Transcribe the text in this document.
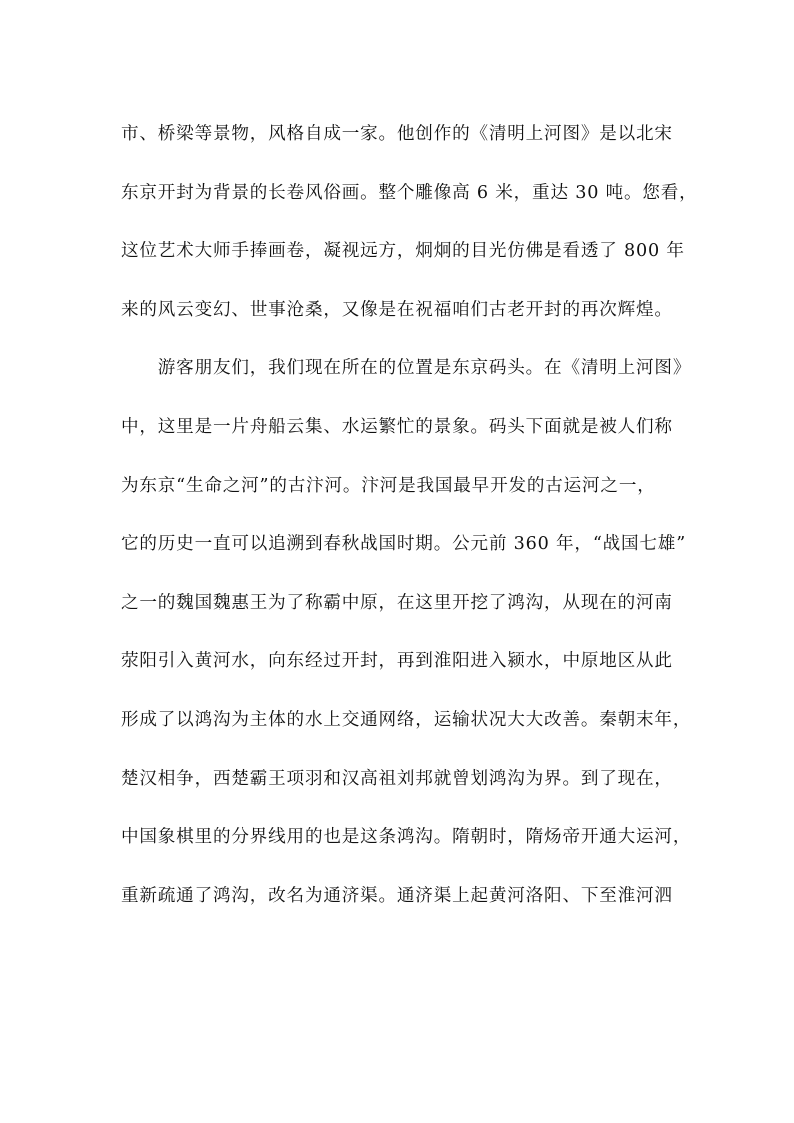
市、桥梁等景物，风格自成一家。他创作的《清明上河图》是以北宋
东京开封为背景的长卷风俗画。整个雕像高 6 米，重达 30 吨。您看，
这位艺术大师手捧画卷，凝视远方，炯炯的目光仿佛是看透了 800 年
来的风云变幻、世事沧桑，又像是在祝福咱们古老开封的再次辉煌。
　　游客朋友们，我们现在所在的位置是东京码头。在《清明上河图》
中，这里是一片舟船云集、水运繁忙的景象。码头下面就是被人们称
为东京“生命之河”的古汴河。汴河是我国最早开发的古运河之一，
它的历史一直可以追溯到春秋战国时期。公元前 360 年，“战国七雄”
之一的魏国魏惠王为了称霸中原，在这里开挖了鸿沟，从现在的河南
荥阳引入黄河水，向东经过开封，再到淮阳进入颍水，中原地区从此
形成了以鸿沟为主体的水上交通网络，运输状况大大改善。秦朝末年，
楚汉相争，西楚霸王项羽和汉高祖刘邦就曾划鸿沟为界。到了现在，
中国象棋里的分界线用的也是这条鸿沟。隋朝时，隋炀帝开通大运河，
重新疏通了鸿沟，改名为通济渠。通济渠上起黄河洛阳、下至淮河泗
